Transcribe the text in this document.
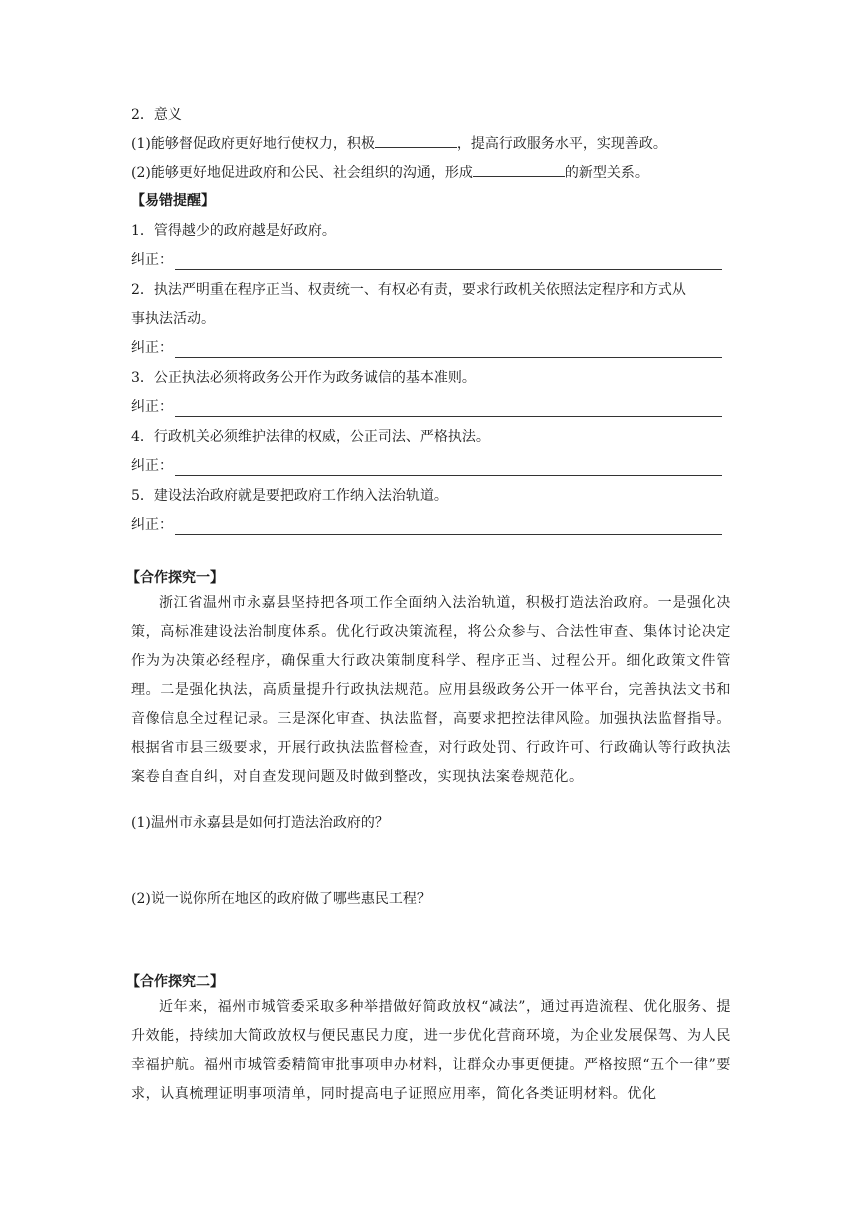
2．意义
(1)能够督促政府更好地行使权力，积极	，提高行政服务水平，实现善政。
(2)能够更好地促进政府和公民、社会组织的沟通，形成	的新型关系。
【易错提醒】
1．管得越少的政府越是好政府。
纠正：
2．执法严明重在程序正当、权责统一、有权必有责，要求行政机关依照法定程序和方式从
事执法活动。
纠正：
3．公正执法必须将政务公开作为政务诚信的基本准则。
纠正：
4．行政机关必须维护法律的权威，公正司法、严格执法。
纠正：
5．建设法治政府就是要把政府工作纳入法治轨道。
纠正：
【合作探究一】
浙江省温州市永嘉县坚持把各项工作全面纳入法治轨道，积极打造法治政府。一是强化决策，高标准建设法治制度体系。优化行政决策流程，将公众参与、合法性审查、集体讨论决定作为为决策必经程序，确保重大行政决策制度科学、程序正当、过程公开。细化政策文件管理。二是强化执法，高质量提升行政执法规范。应用县级政务公开一体平台，完善执法文书和音像信息全过程记录。三是深化审查、执法监督，高要求把控法律风险。加强执法监督指导。根据省市县三级要求，开展行政执法监督检查，对行政处罚、行政许可、行政确认等行政执法案卷自查自纠，对自查发现问题及时做到整改，实现执法案卷规范化。
(1)温州市永嘉县是如何打造法治政府的？
(2)说一说你所在地区的政府做了哪些惠民工程？
【合作探究二】
近年来，福州市城管委采取多种举措做好简政放权“减法”，通过再造流程、优化服务、提升效能，持续加大简政放权与便民惠民力度，进一步优化营商环境，为企业发展保驾、为人民幸福护航。福州市城管委精简审批事项申办材料，让群众办事更便捷。严格按照“五个一律”要求，认真梳理证明事项清单，同时提高电子证照应用率，简化各类证明材料。优化
